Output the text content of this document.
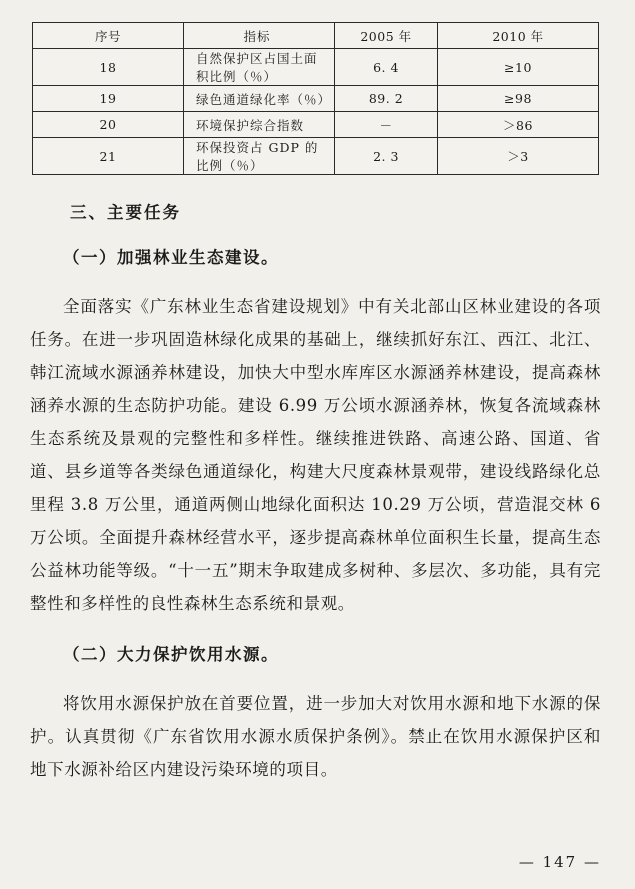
序号	指标	2005 年	2010 年
18	自然保护区占国土面积比例（％）	6. 4	≥10
19	绿色通道绿化率（％）	89. 2	≥98
20	环境保护综合指数	－	＞86
21	环保投资占 GDP 的比例（％）	2. 3	＞3
三、主要任务

（一）加强林业生态建设。

全面落实《广东林业生态省建设规划》中有关北部山区林业建设的各项任务。在进一步巩固造林绿化成果的基础上，继续抓好东江、西江、北江、韩江流域水源涵养林建设，加快大中型水库库区水源涵养林建设，提高森林涵养水源的生态防护功能。建设 6.99 万公顷水源涵养林，恢复各流域森林生态系统及景观的完整性和多样性。继续推进铁路、高速公路、国道、省道、县乡道等各类绿色通道绿化，构建大尺度森林景观带，建设线路绿化总里程 3.8 万公里，通道两侧山地绿化面积达 10.29 万公顷，营造混交林 6 万公顷。全面提升森林经营水平，逐步提高森林单位面积生长量，提高生态公益林功能等级。“十一五”期末争取建成多树种、多层次、多功能，具有完整性和多样性的良性森林生态系统和景观。

（二）大力保护饮用水源。

将饮用水源保护放在首要位置，进一步加大对饮用水源和地下水源的保护。认真贯彻《广东省饮用水源水质保护条例》。禁止在饮用水源保护区和地下水源补给区内建设污染环境的项目。

— 147 —
